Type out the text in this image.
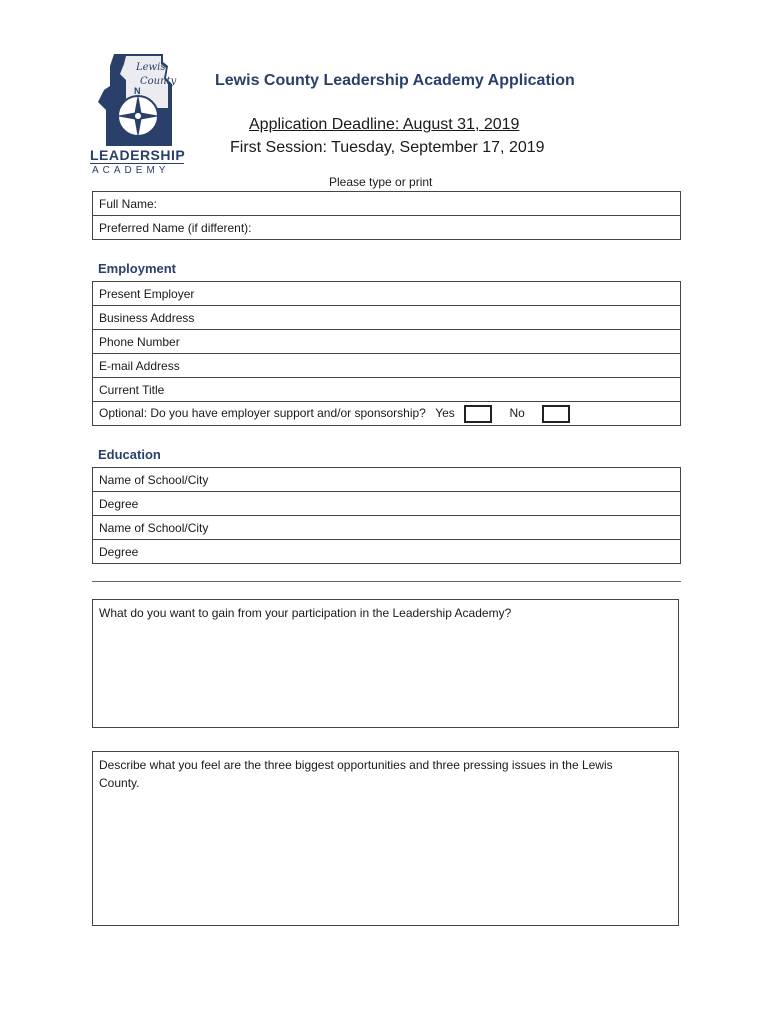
Lewis
County
N
E
S
W
LEADERSHIP
ACADEMY
Lewis County Leadership Academy Application
Application Deadline: August 31, 2019
First Session: Tuesday, September 17, 2019
Please type or print
Full Name:
Preferred Name (if different):
Employment
Present Employer
Business Address
Phone Number
E-mail Address
Current Title
Optional: Do you have employer support and/or sponsorship? Yes	No
Education
Name of School/City
Degree
Name of School/City
Degree
What do you want to gain from your participation in the Leadership Academy?
Describe what you feel are the three biggest opportunities and three pressing issues in the Lewis County.
